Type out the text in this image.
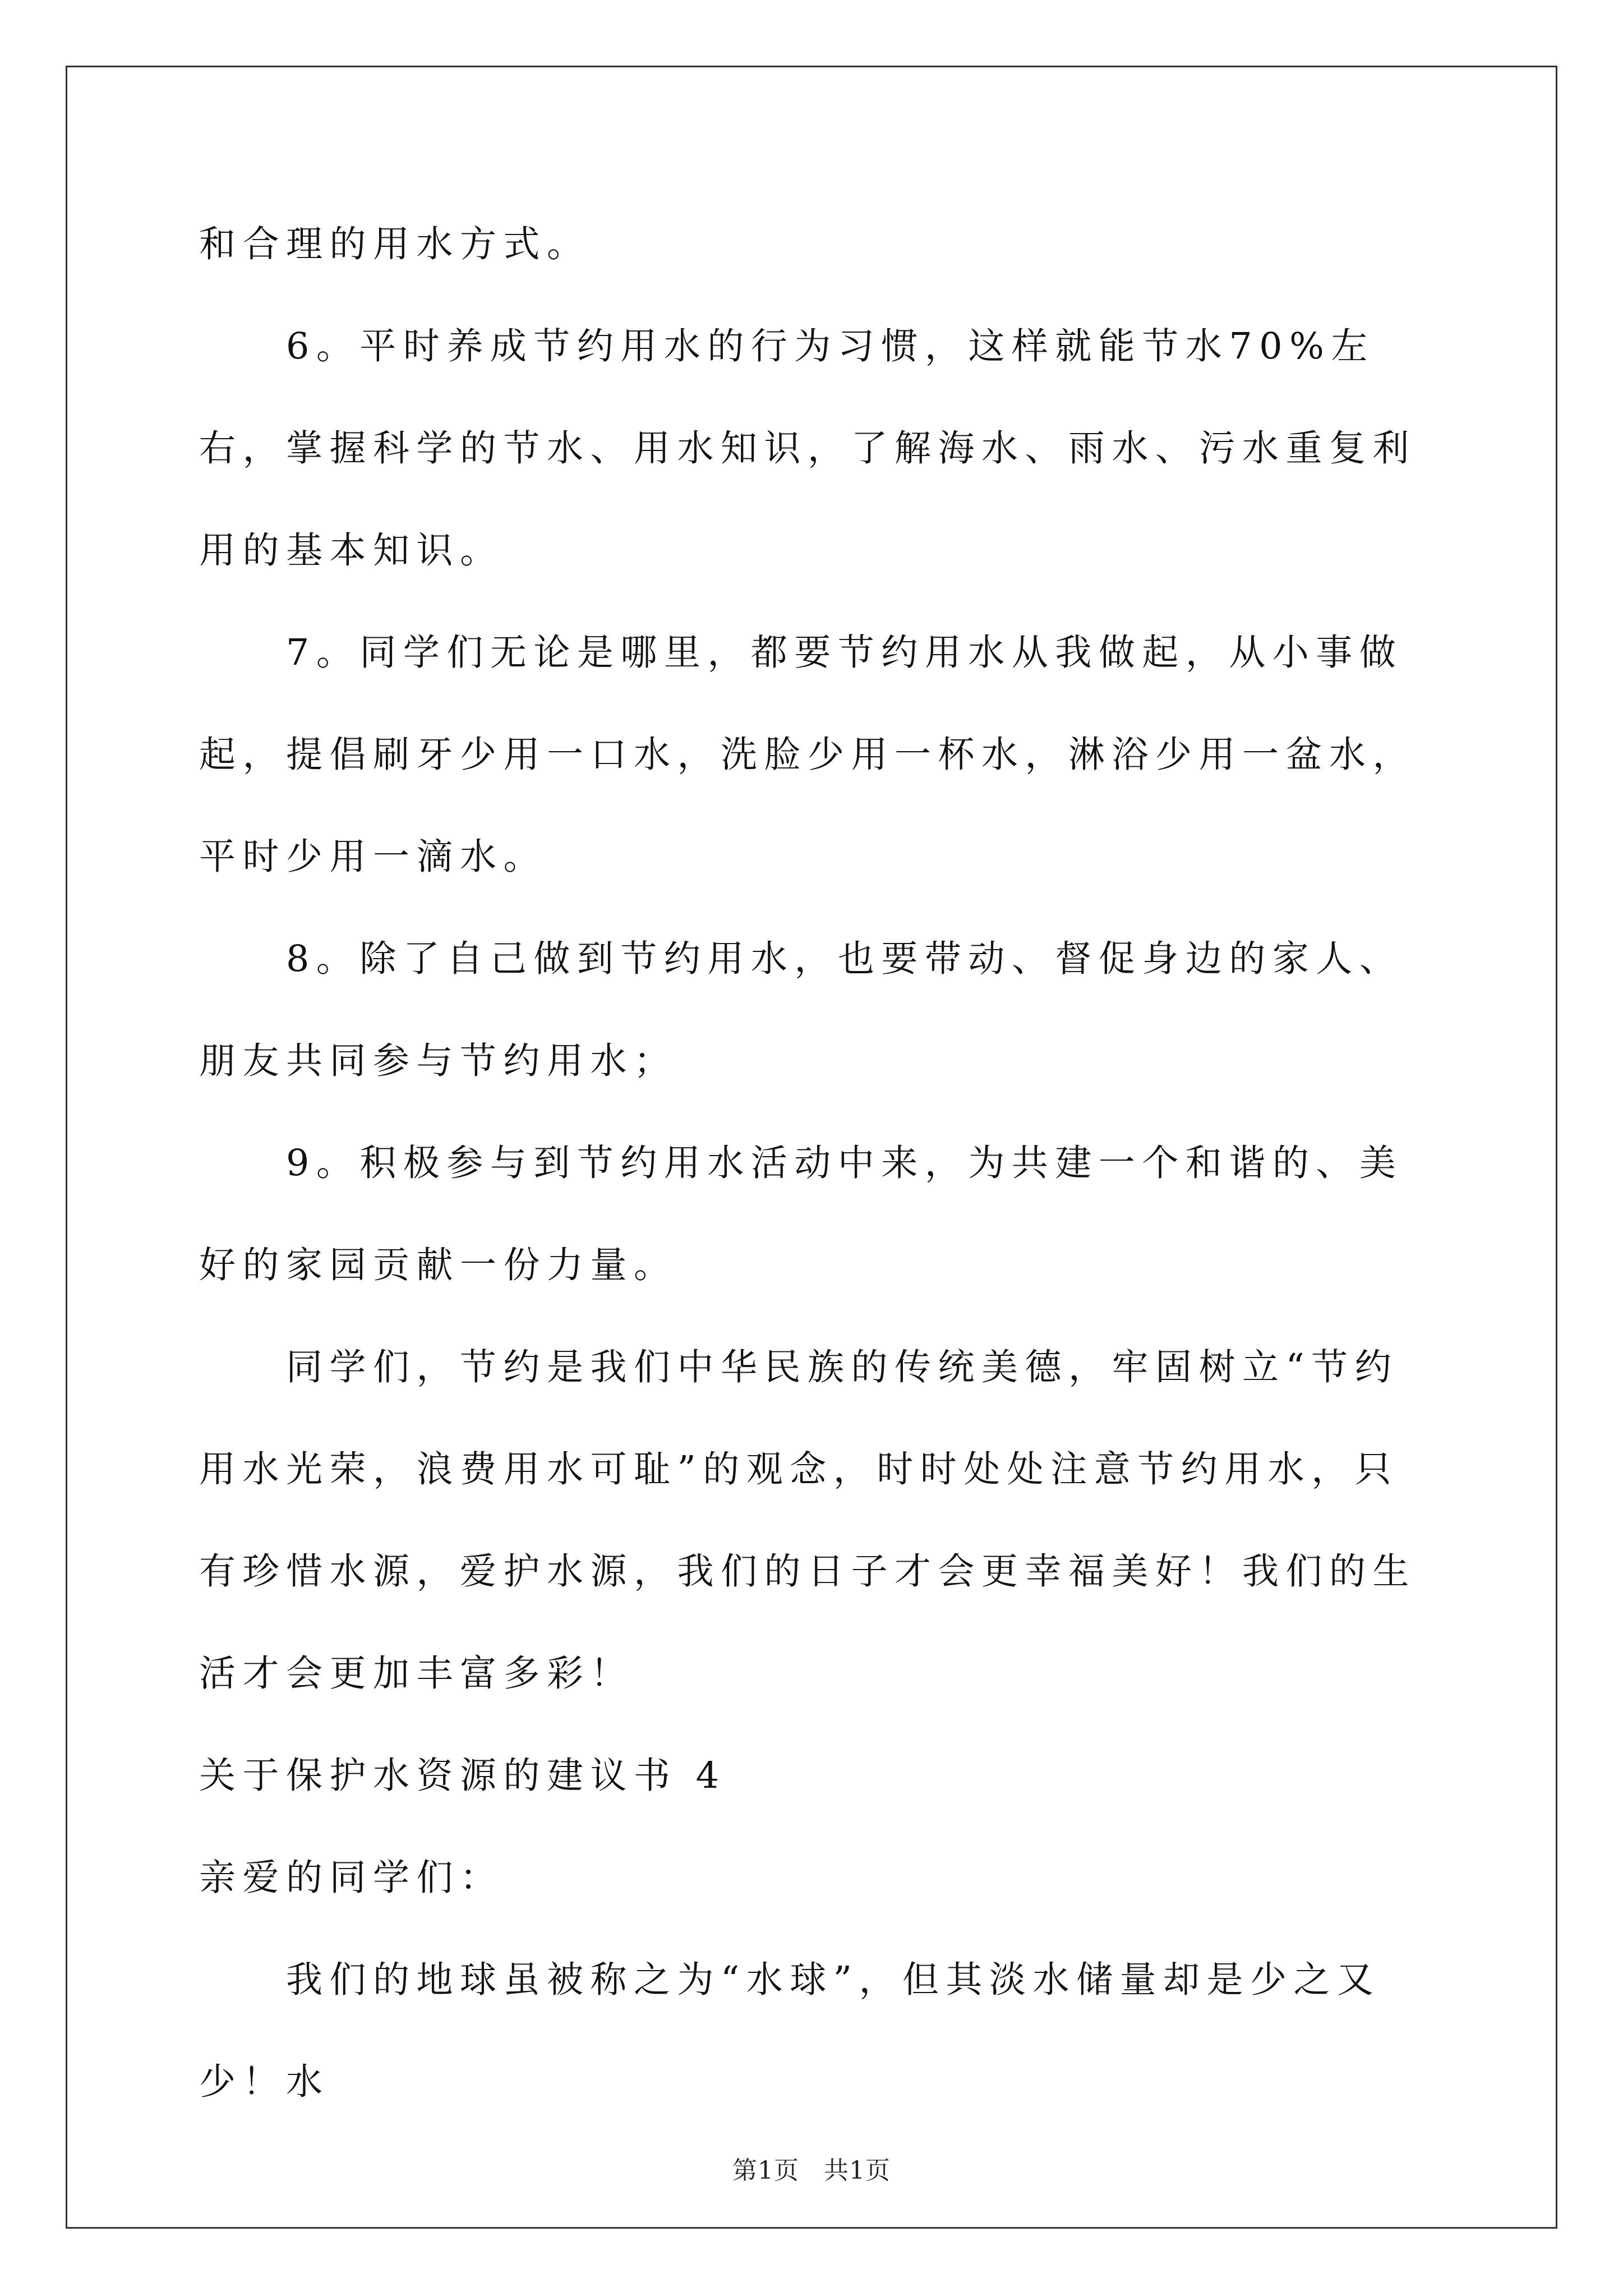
和合理的用水方式。

6。平时养成节约用水的行为习惯，这样就能节水70%左右，掌握科学的节水、用水知识，了解海水、雨水、污水重复利用的基本知识。

7。同学们无论是哪里，都要节约用水从我做起，从小事做起，提倡刷牙少用一口水，洗脸少用一杯水，淋浴少用一盆水，平时少用一滴水。

8。除了自己做到节约用水，也要带动、督促身边的家人、朋友共同参与节约用水；

9。积极参与到节约用水活动中来，为共建一个和谐的、美好的家园贡献一份力量。

同学们，节约是我们中华民族的传统美德，牢固树立“节约用水光荣，浪费用水可耻”的观念，时时处处注意节约用水，只有珍惜水源，爱护水源，我们的日子才会更幸福美好！我们的生活才会更加丰富多彩！

关于保护水资源的建议书 4

亲爱的同学们：

我们的地球虽被称之为“水球”，但其淡水储量却是少之又少！水

第1页 共1页
